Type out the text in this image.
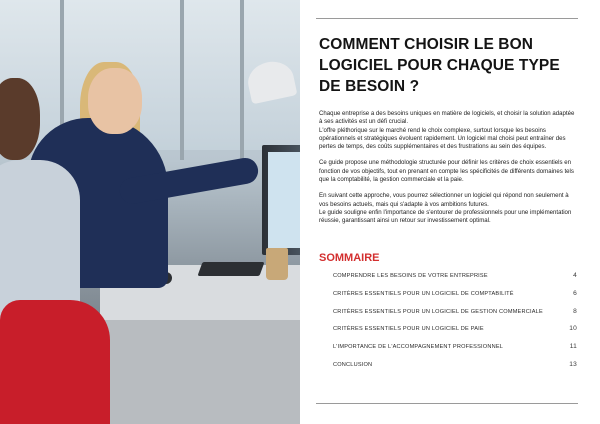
COMMENT CHOISIR LE BON LOGICIEL POUR CHAQUE TYPE DE BESOIN ?

Chaque entreprise a des besoins uniques en matière de logiciels, et choisir la solution adaptée à ses activités est un défi crucial.
L'offre pléthorique sur le marché rend le choix complexe, surtout lorsque les besoins opérationnels et stratégiques évoluent rapidement. Un logiciel mal choisi peut entraîner des pertes de temps, des coûts supplémentaires et des frustrations au sein des équipes.

Ce guide propose une méthodologie structurée pour définir les critères de choix essentiels en fonction de vos objectifs, tout en prenant en compte les spécificités de différents domaines tels que la comptabilité, la gestion commerciale et la paie.

En suivant cette approche, vous pourrez sélectionner un logiciel qui répond non seulement à vos besoins actuels, mais qui s'adapte à vos ambitions futures.
Le guide souligne enfin l'importance de s'entourer de professionnels pour une implémentation réussie, garantissant ainsi un retour sur investissement optimal.

SOMMAIRE
COMPRENDRE LES BESOINS DE VOTRE ENTREPRISE	4
CRITÈRES ESSENTIELS POUR UN LOGICIEL DE COMPTABILITÉ	6
CRITÈRES ESSENTIELS POUR UN LOGICIEL DE GESTION COMMERCIALE	8
CRITÈRES ESSENTIELS POUR UN LOGICIEL DE PAIE	10
L'IMPORTANCE DE L'ACCOMPAGNEMENT PROFESSIONNEL	11
CONCLUSION	13
